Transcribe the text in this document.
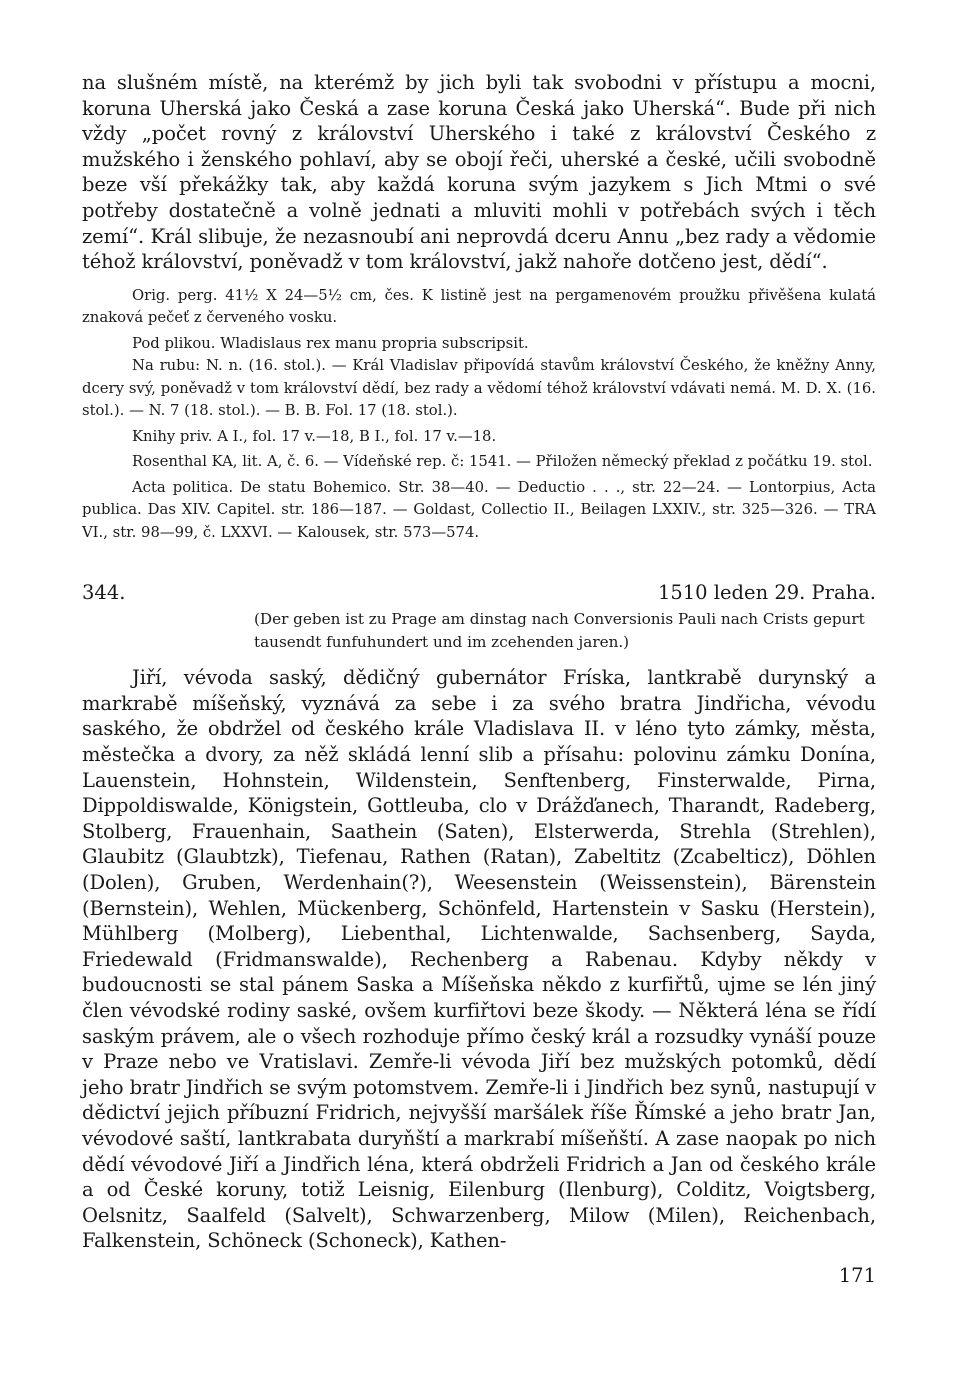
na slušném místě, na kterémž by jich byli tak svobodni v přístupu a mocni, koruna Uherská jako Česká a zase koruna Česká jako Uherská“. Bude při nich vždy „počet rovný z království Uherského i také z království Českého z mužského i ženského pohlaví, aby se obojí řeči, uherské a české, učili svobodně beze vší překážky tak, aby každá koruna svým jazykem s Jich Mtmi o své potřeby dostatečně a volně jednati a mluviti mohli v potřebách svých i těch zemí“. Král slibuje, že nezasnoubí ani neprovdá dceru Annu „bez rady a vědomie téhož království, poněvadž v tom království, jakž nahoře dotčeno jest, dědí“.

Orig. perg. 41½ X 24—5½ cm, čes. K listině jest na pergamenovém proužku přivěšena kulatá znaková pečeť z červeného vosku.

Pod plikou. Wladislaus rex manu propria subscripsit.

Na rubu: N. n. (16. stol.). — Král Vladislav připovídá stavům království Českého, že kněžny Anny, dcery svý, poněvadž v tom království dědí, bez rady a vědomí téhož království vdávati nemá. M. D. X. (16. stol.). — N. 7 (18. stol.). — B. B. Fol. 17 (18. stol.).

Knihy priv. A I., fol. 17 v.—18, B I., fol. 17 v.—18.

Rosenthal KA, lit. A, č. 6. — Vídeňské rep. č: 1541. — Přiložen německý překlad z počátku 19. stol.

Acta politica. De statu Bohemico. Str. 38—40. — Deductio . . ., str. 22—24. — Lontorpius, Acta publica. Das XIV. Capitel. str. 186—187. — Goldast, Collectio II., Beilagen LXXIV., str. 325—326. — TRA VI., str. 98—99, č. LXXVI. — Kalousek, str. 573—574.

344.	1510 leden 29. Praha.

(Der geben ist zu Prage am dinstag nach Conversionis Pauli nach Crists gepurt tausendt funfuhundert und im zcehenden jaren.)

Jiří, vévoda saský, dědičný gubernátor Fríska, lantkrabě durynský a markrabě míšeňský, vyznává za sebe i za svého bratra Jindřicha, vévodu saského, že obdržel od českého krále Vladislava II. v léno tyto zámky, města, městečka a dvory, za něž skládá lenní slib a přísahu: polovinu zámku Donína, Lauenstein, Hohnstein, Wildenstein, Senftenberg, Finsterwalde, Pirna, Dippoldiswalde, Königstein, Gottleuba, clo v Drážďanech, Tharandt, Radeberg, Stolberg, Frauenhain, Saathein (Saten), Elsterwerda, Strehla (Strehlen), Glaubitz (Glaubtzk), Tiefenau, Rathen (Ratan), Zabeltitz (Zcabelticz), Döhlen (Dolen), Gruben, Werdenhain(?), Weesenstein (Weissenstein), Bärenstein (Bernstein), Wehlen, Mückenberg, Schönfeld, Hartenstein v Sasku (Herstein), Mühlberg (Molberg), Liebenthal, Lichtenwalde, Sachsenberg, Sayda, Friedewald (Fridmanswalde), Rechenberg a Rabenau. Kdyby někdy v budoucnosti se stal pánem Saska a Míšeňska někdo z kurfiřtů, ujme se lén jiný člen vévodské rodiny saské, ovšem kurfiřtovi beze škody. — Některá léna se řídí saským právem, ale o všech rozhoduje přímo český král a rozsudky vynáší pouze v Praze nebo ve Vratislavi. Zemře-li vévoda Jiří bez mužských potomků, dědí jeho bratr Jindřich se svým potomstvem. Zemře-li i Jindřich bez synů, nastupují v dědictví jejich příbuzní Fridrich, nejvyšší maršálek říše Římské a jeho bratr Jan, vévodové saští, lantkrabata duryňští a markrabí míšeňští. A zase naopak po nich dědí vévodové Jiří a Jindřich léna, která obdrželi Fridrich a Jan od českého krále a od České koruny, totiž Leisnig, Eilenburg (Ilenburg), Colditz, Voigtsberg, Oelsnitz, Saalfeld (Salvelt), Schwarzenberg, Milow (Milen), Reichenbach, Falkenstein, Schöneck (Schoneck), Kathen-

171
